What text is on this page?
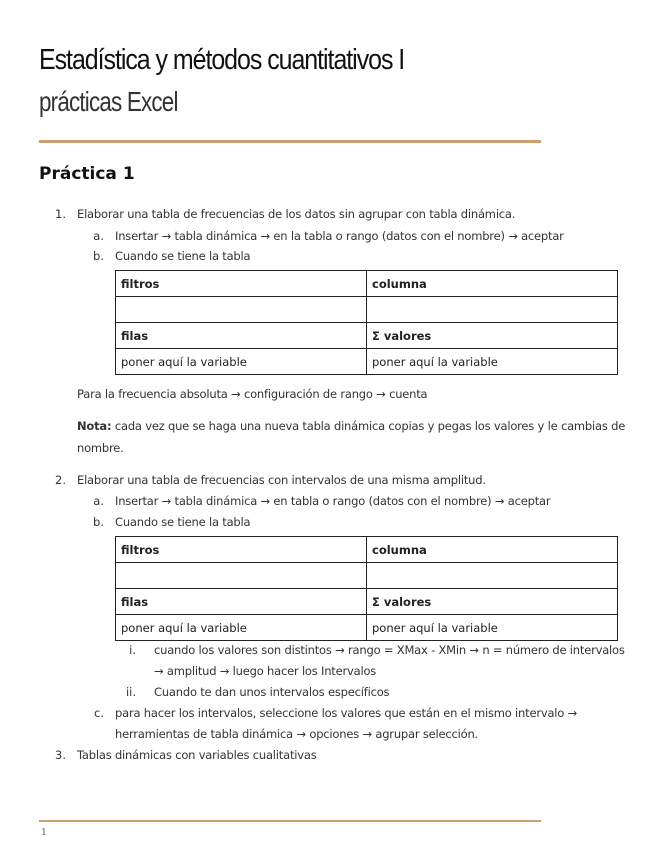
Estadística y métodos cuantitativos I
prácticas Excel
Práctica 1
1. Elaborar una tabla de frecuencias de los datos sin agrupar con tabla dinámica.
a. Insertar → tabla dinámica → en la tabla o rango (datos con el nombre) → aceptar
b. Cuando se tiene la tabla
filtros	columna

filas	Σ valores
poner aquí la variable	poner aquí la variable
Para la frecuencia absoluta → configuración de rango → cuenta
Nota: cada vez que se haga una nueva tabla dinámica copias y pegas los valores y le cambias de
nombre.
2. Elaborar una tabla de frecuencias con intervalos de una misma amplitud.
a. Insertar → tabla dinámica → en tabla o rango (datos con el nombre) → aceptar
b. Cuando se tiene la tabla
filtros	columna

filas	Σ valores
poner aquí la variable	poner aquí la variable
i. cuando los valores son distintos → rango = XMax - XMin → n = número de intervalos
→ amplitud → luego hacer los Intervalos
ii. Cuando te dan unos intervalos específicos
c. para hacer los intervalos, seleccione los valores que están en el mismo intervalo →
herramientas de tabla dinámica → opciones → agrupar selección.
3. Tablas dinámicas con variables cualitativas
1
